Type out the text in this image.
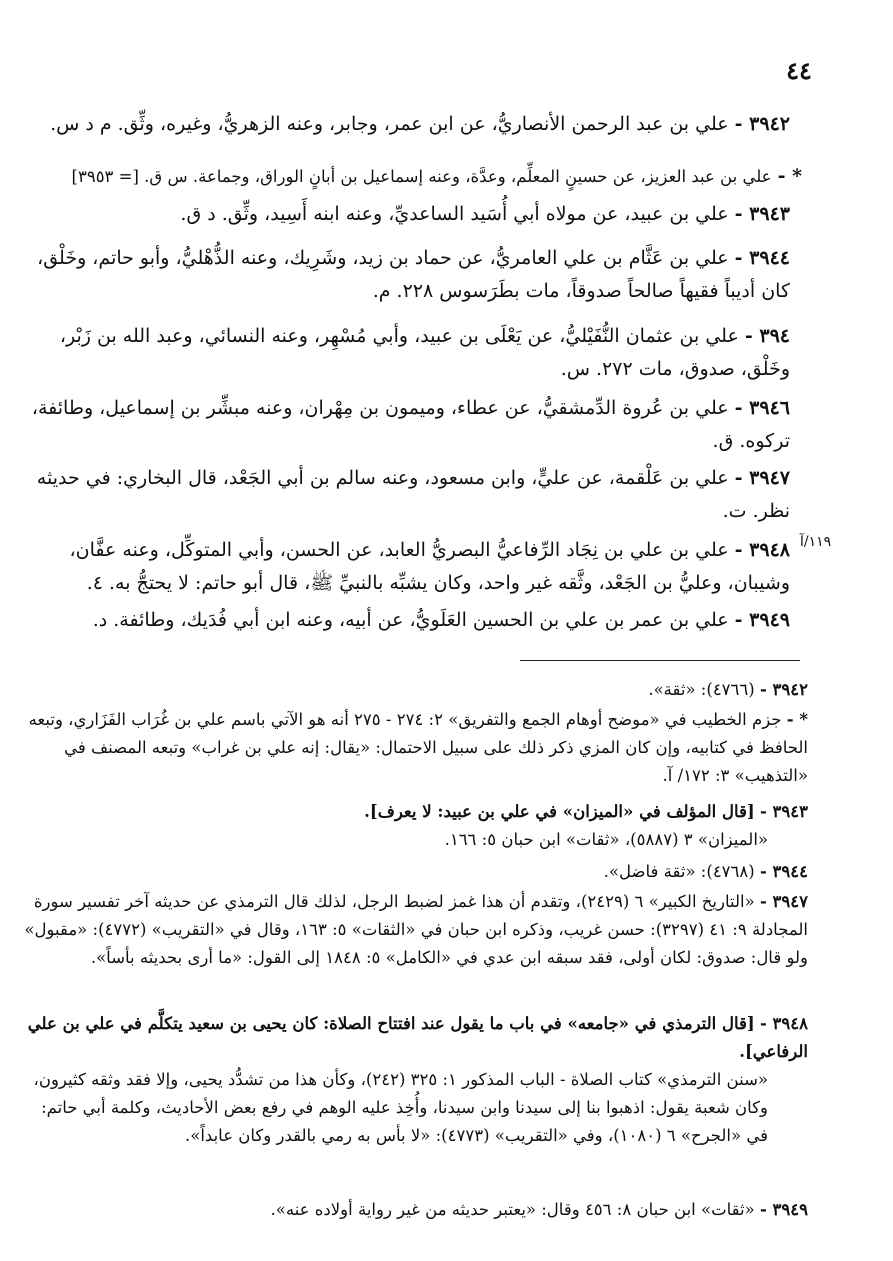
٤٤
٣٩٤٢ - علي بن عبد الرحمن الأنصاريُّ، عن ابن عمر، وجابر، وعنه الزهريُّ، وغيره، وثِّق. م د س.
* - علي بن عبد العزيز، عن حسينٍ المعلِّم، وعدَّة، وعنه إسماعيل بن أبانٍ الوراق، وجماعة. س ق. [= ٣٩٥٣]
٣٩٤٣ - علي بن عبيد، عن مولاه أبي أُسَيد الساعديِّ، وعنه ابنه أَسِيد، وثِّق. د ق.
٣٩٤٤ - علي بن عَثَّام بن علي العامريُّ، عن حماد بن زيد، وشَرِيك، وعنه الذُّهْليُّ، وأبو حاتم، وخَلْق، كان أديباً فقيهاً صالحاً صدوقاً، مات بطَرَسوس ٢٢٨. م.
٣٩٤ - علي بن عثمان النُّفَيْليُّ، عن يَعْلَى بن عبيد، وأبي مُسْهِر، وعنه النسائي، وعبد الله بن زَبْر، وخَلْق، صدوق، مات ٢٧٢. س.
٣٩٤٦ - علي بن عُروة الدِّمشقيُّ، عن عطاء، وميمون بن مِهْران، وعنه مبشِّر بن إسماعيل، وطائفة، تركوه. ق.
٣٩٤٧ - علي بن عَلْقمة، عن عليٍّ، وابن مسعود، وعنه سالم بن أبي الجَعْد، قال البخاري: في حديثه نظر. ت.
١١٩/آ
٣٩٤٨ - علي بن علي بن نِجَاد الرِّفاعيُّ البصريُّ العابد، عن الحسن، وأبي المتوكِّل، وعنه عفَّان، وشيبان، وعليُّ بن الجَعْد، وثَّقه غير واحد، وكان يشبِّه بالنبيِّ ﷺ، قال أبو حاتم: لا يحتجُّ به. ٤.
٣٩٤٩ - علي بن عمر بن علي بن الحسين العَلَويُّ، عن أبيه، وعنه ابن أبي فُدَيك، وطائفة. د.
٣٩٤٢ - (٤٧٦٦): «ثقة».
* - جزم الخطيب في «موضح أوهام الجمع والتفريق» ٢: ٢٧٤ - ٢٧٥ أنه هو الآتي باسم علي بن غُرَاب الفَزَاري، وتبعه الحافظ في كتابيه، وإن كان المزي ذكر ذلك على سبيل الاحتمال: «يقال: إنه علي بن غراب» وتبعه المصنف في «التذهيب» ٣: ١٧٢/ آ.
٣٩٤٣ - [قال المؤلف في «الميزان» في علي بن عبيد: لا يعرف].
«الميزان» ٣ (٥٨٨٧)، «ثقات» ابن حبان ٥: ١٦٦.
٣٩٤٤ - (٤٧٦٨): «ثقة فاضل».
٣٩٤٧ - «التاريخ الكبير» ٦ (٢٤٢٩)، وتقدم أن هذا غمز لضبط الرجل، لذلك قال الترمذي عن حديثه آخر تفسير سورة المجادلة ٩: ٤١ (٣٢٩٧): حسن غريب، وذكره ابن حبان في «الثقات» ٥: ١٦٣، وقال في «التقريب» (٤٧٧٢): «مقبول» ولو قال: صدوق: لكان أولى، فقد سبقه ابن عدي في «الكامل» ٥: ١٨٤٨ إلى القول: «ما أرى بحديثه بأساً».
٣٩٤٨ - [قال الترمذي في «جامعه» في باب ما يقول عند افتتاح الصلاة: كان يحيى بن سعيد يتكلَّم في علي بن علي الرفاعي].
«سنن الترمذي» كتاب الصلاة - الباب المذكور ١: ٣٢٥ (٢٤٢)، وكأن هذا من تشدُّد يحيى، وإلا فقد وثقه كثيرون، وكان شعبة يقول: اذهبوا بنا إلى سيدنا وابن سيدنا، وأُخِذ عليه الوهم في رفع بعض الأحاديث، وكلمة أبي حاتم: في «الجرح» ٦ (١٠٨٠)، وفي «التقريب» (٤٧٧٣): «لا بأس به رمي بالقدر وكان عابداً».
٣٩٤٩ - «ثقات» ابن حبان ٨: ٤٥٦ وقال: «يعتبر حديثه من غير رواية أولاده عنه».
